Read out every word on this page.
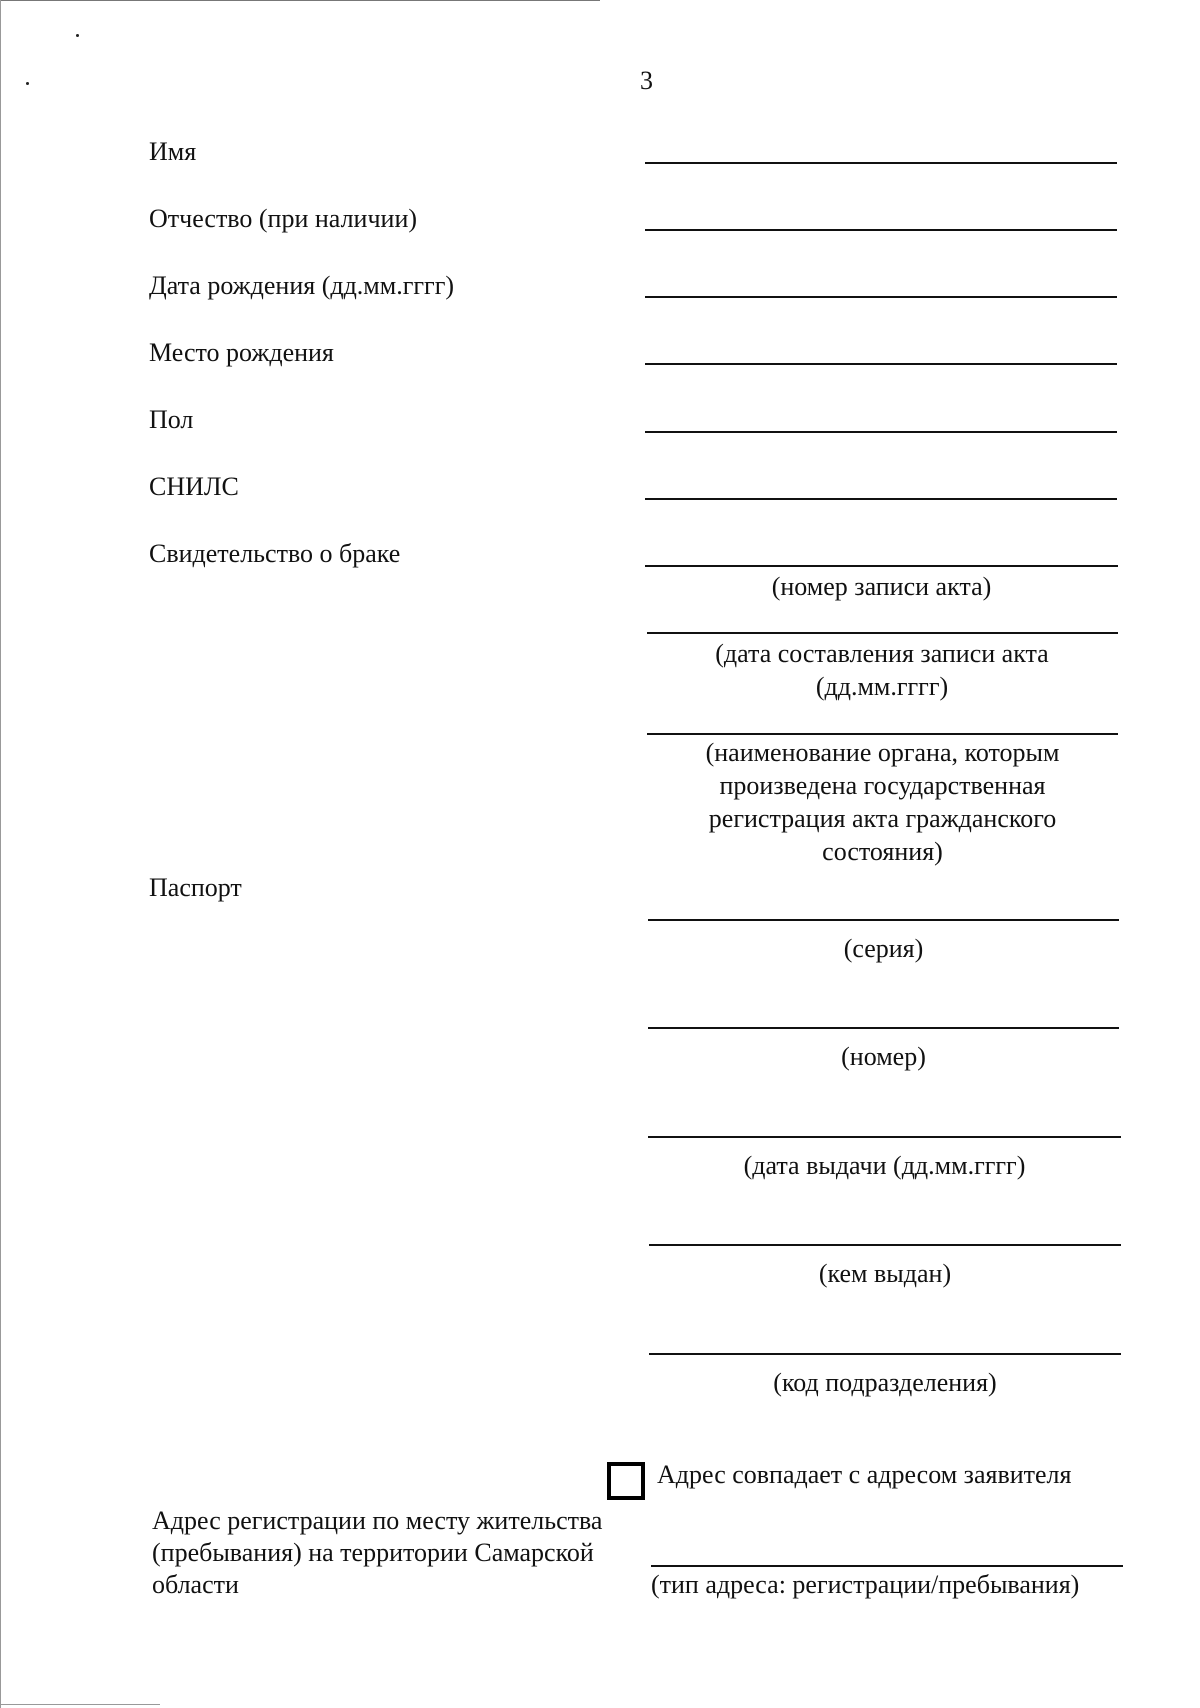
3
Имя
Отчество (при наличии)
Дата рождения (дд.мм.гггг)
Место рождения
Пол
СНИЛС
Свидетельство о браке
(номер записи акта)
(дата составления записи акта (дд.мм.гггг)
(наименование органа, которым произведена государственная регистрация акта гражданского состояния)
Паспорт
(серия)
(номер)
(дата выдачи (дд.мм.гггг)
(кем выдан)
(код подразделения)
Адрес совпадает с адресом заявителя
Адрес регистрации по месту жительства (пребывания) на территории Самарской области	(тип адреса: регистрации/пребывания)
